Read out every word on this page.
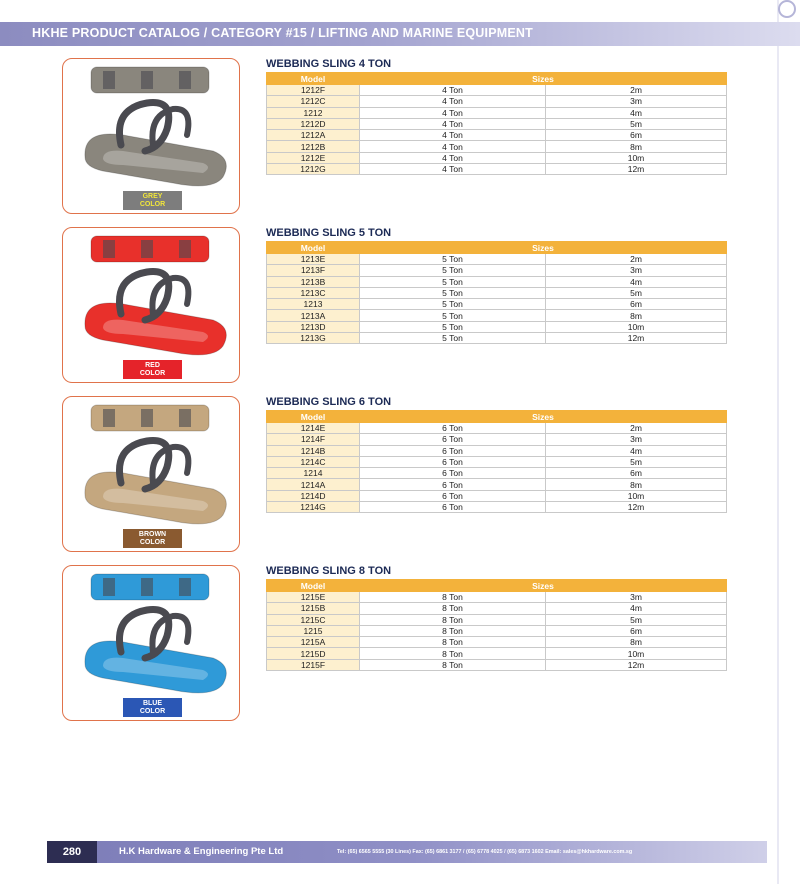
HKHE PRODUCT CATALOG / CATEGORY #15 / LIFTING AND MARINE EQUIPMENT
GREY
COLOR
WEBBING SLING 4 TON
Model	Sizes	
1212F	4 Ton	2m
1212C	4 Ton	3m
1212	4 Ton	4m
1212D	4 Ton	5m
1212A	4 Ton	6m
1212B	4 Ton	8m
1212E	4 Ton	10m
1212G	4 Ton	12m
RED
COLOR
WEBBING SLING 5 TON
Model	Sizes	
1213E	5 Ton	2m
1213F	5 Ton	3m
1213B	5 Ton	4m
1213C	5 Ton	5m
1213	5 Ton	6m
1213A	5 Ton	8m
1213D	5 Ton	10m
1213G	5 Ton	12m
BROWN
COLOR
WEBBING SLING 6 TON
Model	Sizes	
1214E	6 Ton	2m
1214F	6 Ton	3m
1214B	6 Ton	4m
1214C	6 Ton	5m
1214	6 Ton	6m
1214A	6 Ton	8m
1214D	6 Ton	10m
1214G	6 Ton	12m
BLUE
COLOR
WEBBING SLING 8 TON
Model	Sizes	
1215E	8 Ton	3m
1215B	8 Ton	4m
1215C	8 Ton	5m
1215	8 Ton	6m
1215A	8 Ton	8m
1215D	8 Ton	10m
1215F	8 Ton	12m
280	H.K Hardware & Engineering Pte Ltd	Tel: (65) 6565 5555 (30 Lines) Fax: (65) 6861 3177 / (65) 6778 4025 / (65) 6873 1602 Email: sales@hkhardware.com.sg
